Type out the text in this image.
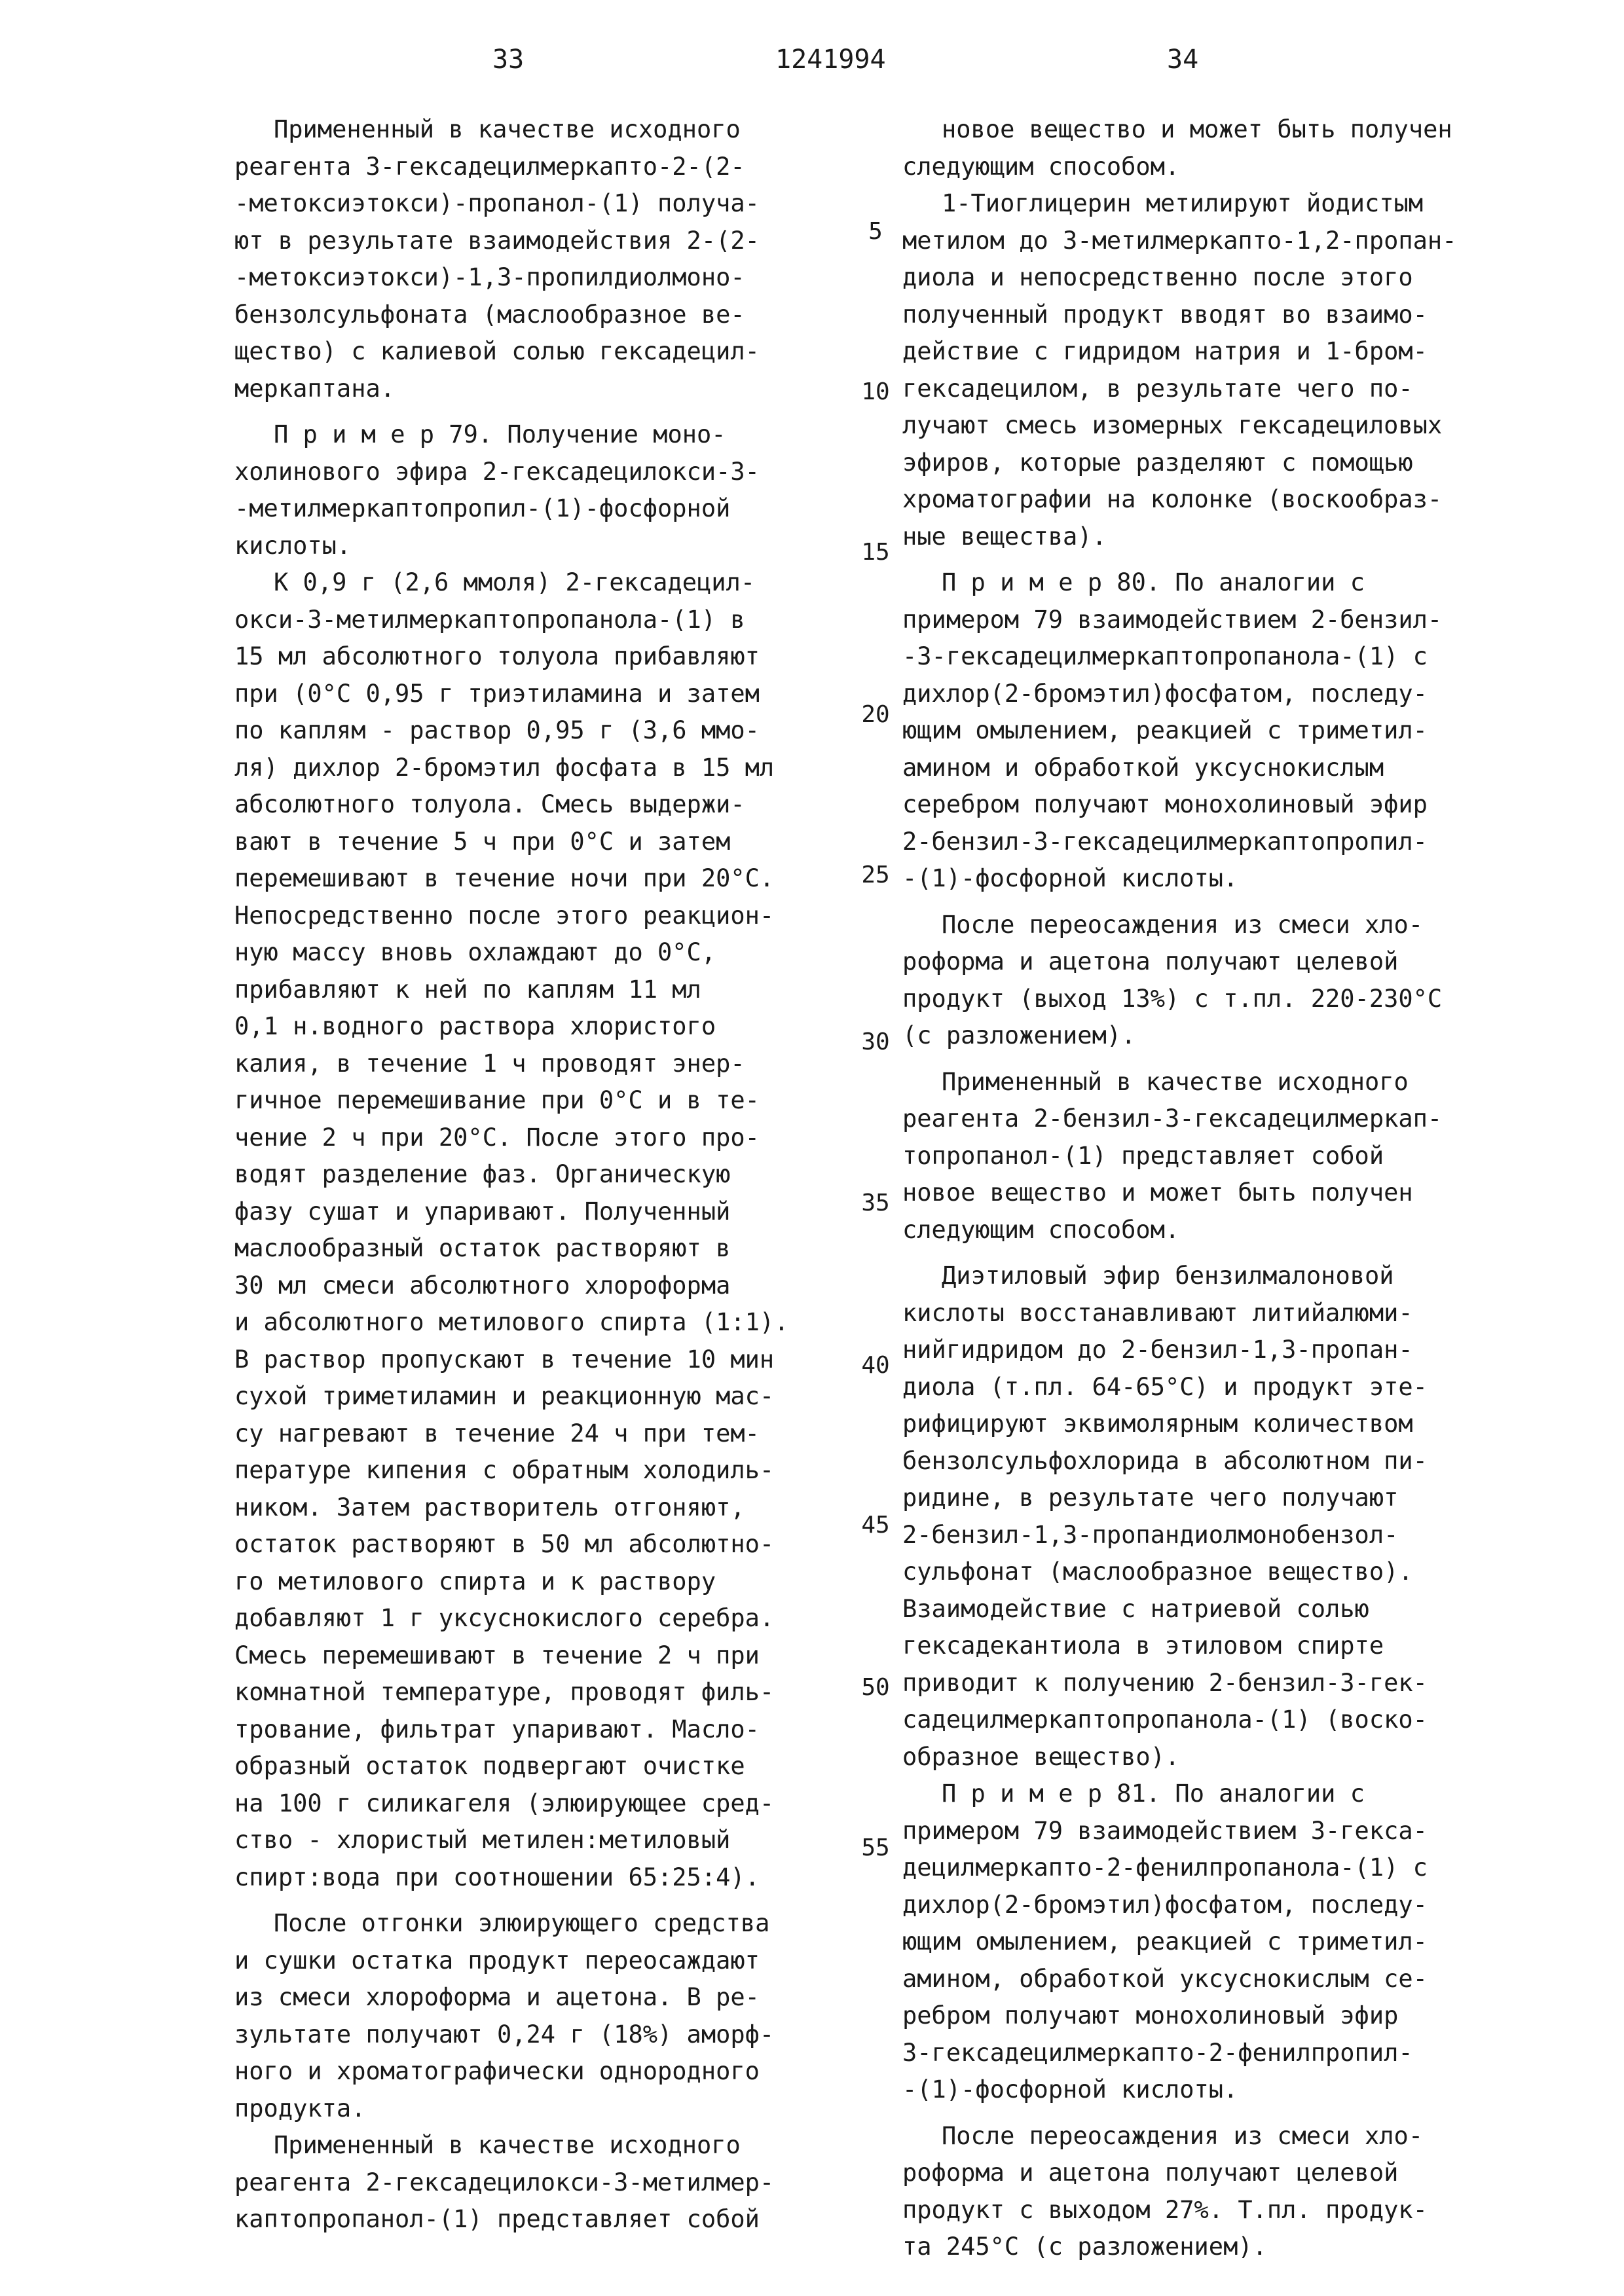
33	1241994	34
Примененный в качестве исходного
реагента 3-гексадецилмеркапто-2-(2-
-метоксиэтокси)-пропанол-(1) получа-
ют в результате взаимодействия 2-(2-
-метоксиэтокси)-1,3-пропилдиолмоно-
бензолсульфоната (маслообразное ве-
щество) с калиевой солью гексадецил-
меркаптана.
П р и м е р 79. Получение моно-
холинового эфира 2-гексадецилокси-3-
-метилмеркаптопропил-(1)-фосфорной
кислоты.
К 0,9 г (2,6 ммоля) 2-гексадецил-
окси-3-метилмеркаптопропанола-(1) в
15 мл абсолютного толуола прибавляют
при (0°С 0,95 г триэтиламина и затем
по каплям - раствор 0,95 г (3,6 ммо-
ля) дихлор 2-бромэтил фосфата в 15 мл
абсолютного толуола. Смесь выдержи-
вают в течение 5 ч при 0°С и затем
перемешивают в течение ночи при 20°С.
Непосредственно после этого реакцион-
ную массу вновь охлаждают до 0°С,
прибавляют к ней по каплям 11 мл
0,1 н.водного раствора хлористого
калия, в течение 1 ч проводят энер-
гичное перемешивание при 0°С и в те-
чение 2 ч при 20°С. После этого про-
водят разделение фаз. Органическую
фазу сушат и упаривают. Полученный
маслообразный остаток растворяют в
30 мл смеси абсолютного хлороформа
и абсолютного метилового спирта (1:1).
В раствор пропускают в течение 10 мин
сухой триметиламин и реакционную мас-
су нагревают в течение 24 ч при тем-
пературе кипения с обратным холодиль-
ником. Затем растворитель отгоняют,
остаток растворяют в 50 мл абсолютно-
го метилового спирта и к раствору
добавляют 1 г уксуснокислого серебра.
Смесь перемешивают в течение 2 ч при
комнатной температуре, проводят филь-
трование, фильтрат упаривают. Масло-
образный остаток подвергают очистке
на 100 г силикагеля (элюирующее сред-
ство - хлористый метилен:метиловый
спирт:вода при соотношении 65:25:4).
После отгонки элюирующего средства
и сушки остатка продукт переосаждают
из смеси хлороформа и ацетона. В ре-
зультате получают 0,24 г (18%) аморф-
ного и хроматографически однородного
продукта.
Примененный в качестве исходного
реагента 2-гексадецилокси-3-метилмер-
каптопропанол-(1) представляет собой
новое вещество и может быть получен
следующим способом.
1-Тиоглицерин метилируют йодистым
метилом до 3-метилмеркапто-1,2-пропан-
диола и непосредственно после этого
полученный продукт вводят во взаимо-
действие с гидридом натрия и 1-бром-
гексадецилом, в результате чего по-
лучают смесь изомерных гексадециловых
эфиров, которые разделяют с помощью
хроматографии на колонке (воскообраз-
ные вещества).
П р и м е р 80. По аналогии с
примером 79 взаимодействием 2-бензил-
-3-гексадецилмеркаптопропанола-(1) с
дихлор(2-бромэтил)фосфатом, последу-
ющим омылением, реакцией с триметил-
амином и обработкой уксуснокислым
серебром получают монохолиновый эфир
2-бензил-3-гексадецилмеркаптопропил-
-(1)-фосфорной кислоты.
После переосаждения из смеси хло-
роформа и ацетона получают целевой
продукт (выход 13%) с т.пл. 220-230°С
(с разложением).
Примененный в качестве исходного
реагента 2-бензил-3-гексадецилмеркап-
топропанол-(1) представляет собой
новое вещество и может быть получен
следующим способом.
Диэтиловый эфир бензилмалоновой
кислоты восстанавливают литийалюми-
нийгидридом до 2-бензил-1,3-пропан-
диола (т.пл. 64-65°С) и продукт эте-
рифицируют эквимолярным количеством
бензолсульфохлорида в абсолютном пи-
ридине, в результате чего получают
2-бензил-1,3-пропандиолмонобензол-
сульфонат (маслообразное вещество).
Взаимодействие с натриевой солью
гексадекантиола в этиловом спирте
приводит к получению 2-бензил-3-гек-
садецилмеркаптопропанола-(1) (воско-
образное вещество).
П р и м е р 81. По аналогии с
примером 79 взаимодействием 3-гекса-
децилмеркапто-2-фенилпропанола-(1) с
дихлор(2-бромэтил)фосфатом, последу-
ющим омылением, реакцией с триметил-
амином, обработкой уксуснокислым се-
ребром получают монохолиновый эфир
3-гексадецилмеркапто-2-фенилпропил-
-(1)-фосфорной кислоты.
После переосаждения из смеси хло-
роформа и ацетона получают целевой
продукт с выходом 27%. Т.пл. продук-
та 245°С (с разложением).
5
10
15
20
25
30
35
40
45
50
55
